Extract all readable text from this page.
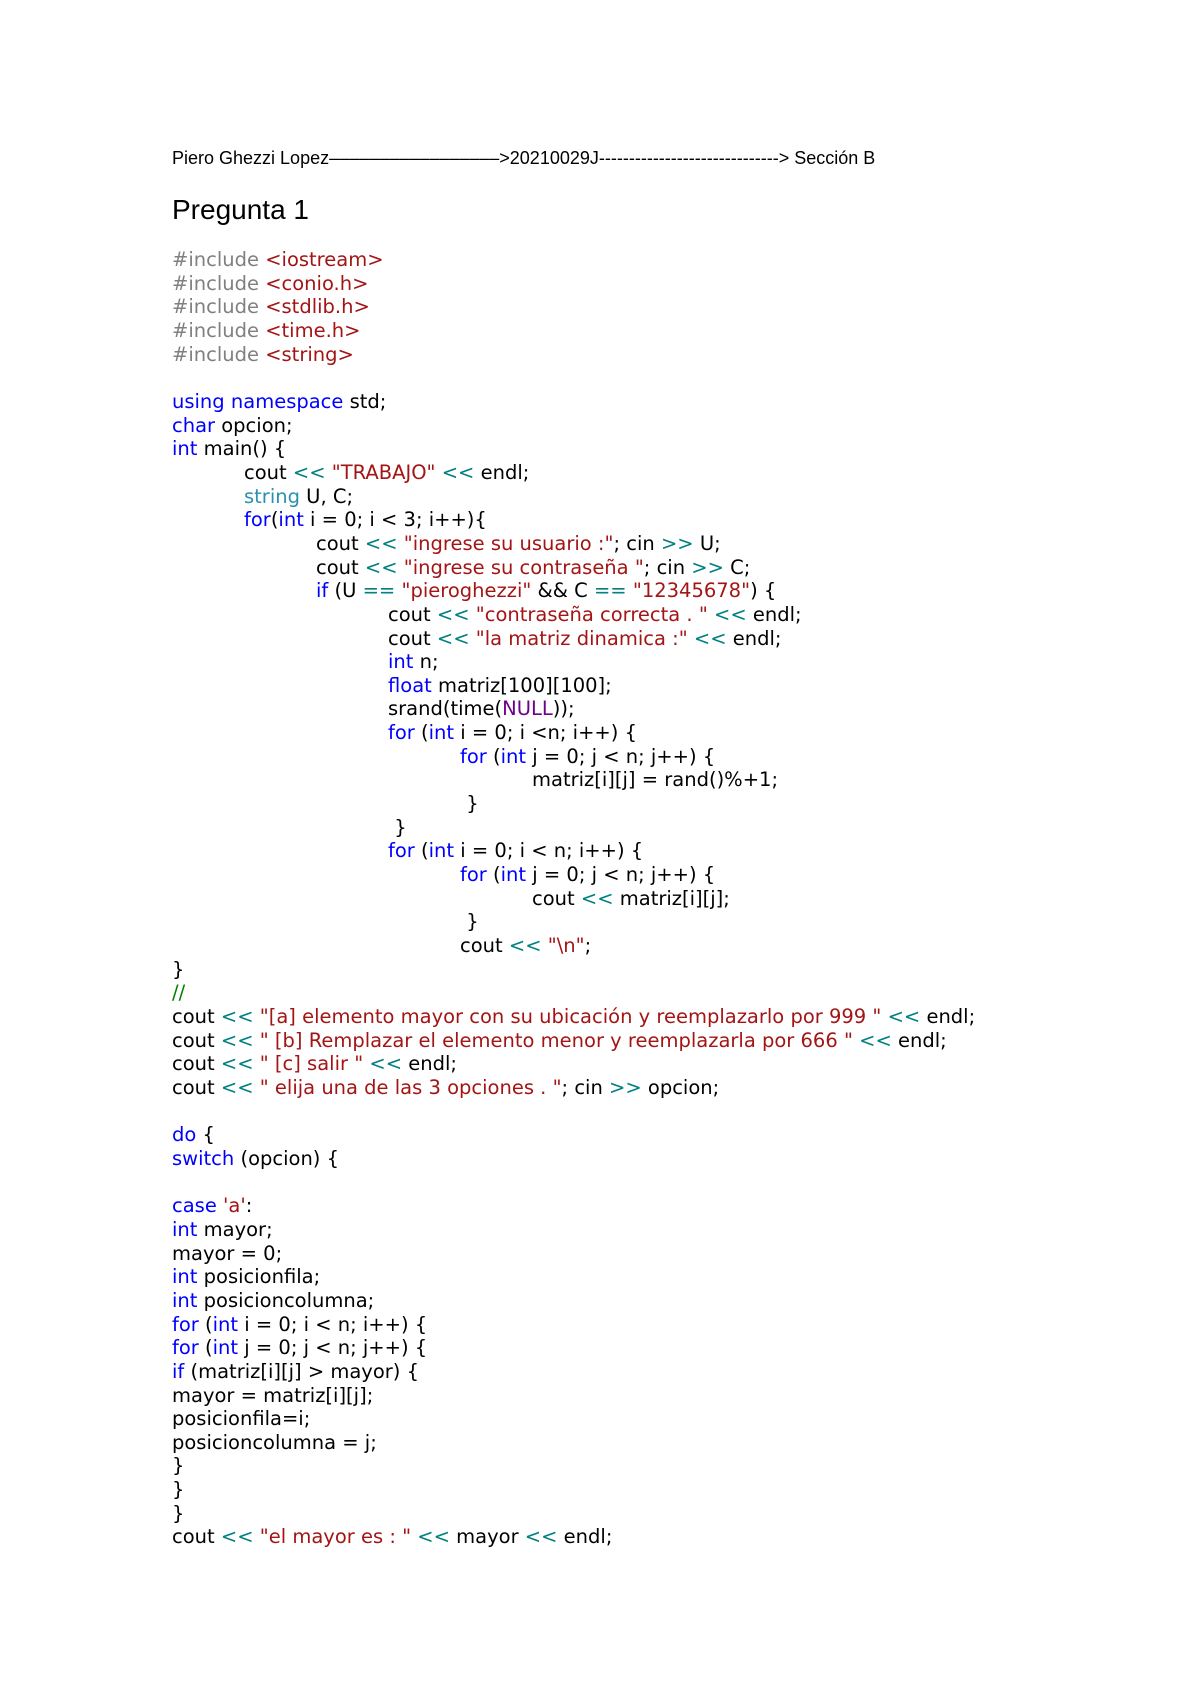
Piero Ghezzi Lopez–––––––––––––––––>20210029J------------------------------> Sección B
Pregunta 1
#include <iostream>
#include <conio.h>
#include <stdlib.h>
#include <time.h>
#include <string>
using namespace std;
char opcion;
int main() {
	cout << "TRABAJO" << endl;
	string U, C;
	for(int i = 0; i < 3; i++){
		cout << "ingrese su usuario :"; cin >> U;
		cout << "ingrese su contraseña "; cin >> C;
		if (U == "pieroghezzi" && C == "12345678") {
			cout << "contraseña correcta . " << endl;
			cout << "la matriz dinamica :" << endl;
			int n;
			float matriz[100][100];
			srand(time(NULL));
			for (int i = 0; i <n; i++) {
				for (int j = 0; j < n; j++) {
					matriz[i][j] = rand()%+1;
				}
			}
			for (int i = 0; i < n; i++) {
				for (int j = 0; j < n; j++) {
					cout << matriz[i][j];
				}
				cout << "\n";
}
//
cout << "[a] elemento mayor con su ubicación y reemplazarlo por 999 " << endl;
cout << " [b] Remplazar el elemento menor y reemplazarla por 666 " << endl;
cout << " [c] salir " << endl;
cout << " elija una de las 3 opciones . "; cin >> opcion;
do {
switch (opcion) {
case 'a':
int mayor;
mayor = 0;
int posicionfila;
int posicioncolumna;
for (int i = 0; i < n; i++) {
for (int j = 0; j < n; j++) {
if (matriz[i][j] > mayor) {
mayor = matriz[i][j];
posicionfila=i;
posicioncolumna = j;
}
}
}
cout << "el mayor es : " << mayor << endl;
